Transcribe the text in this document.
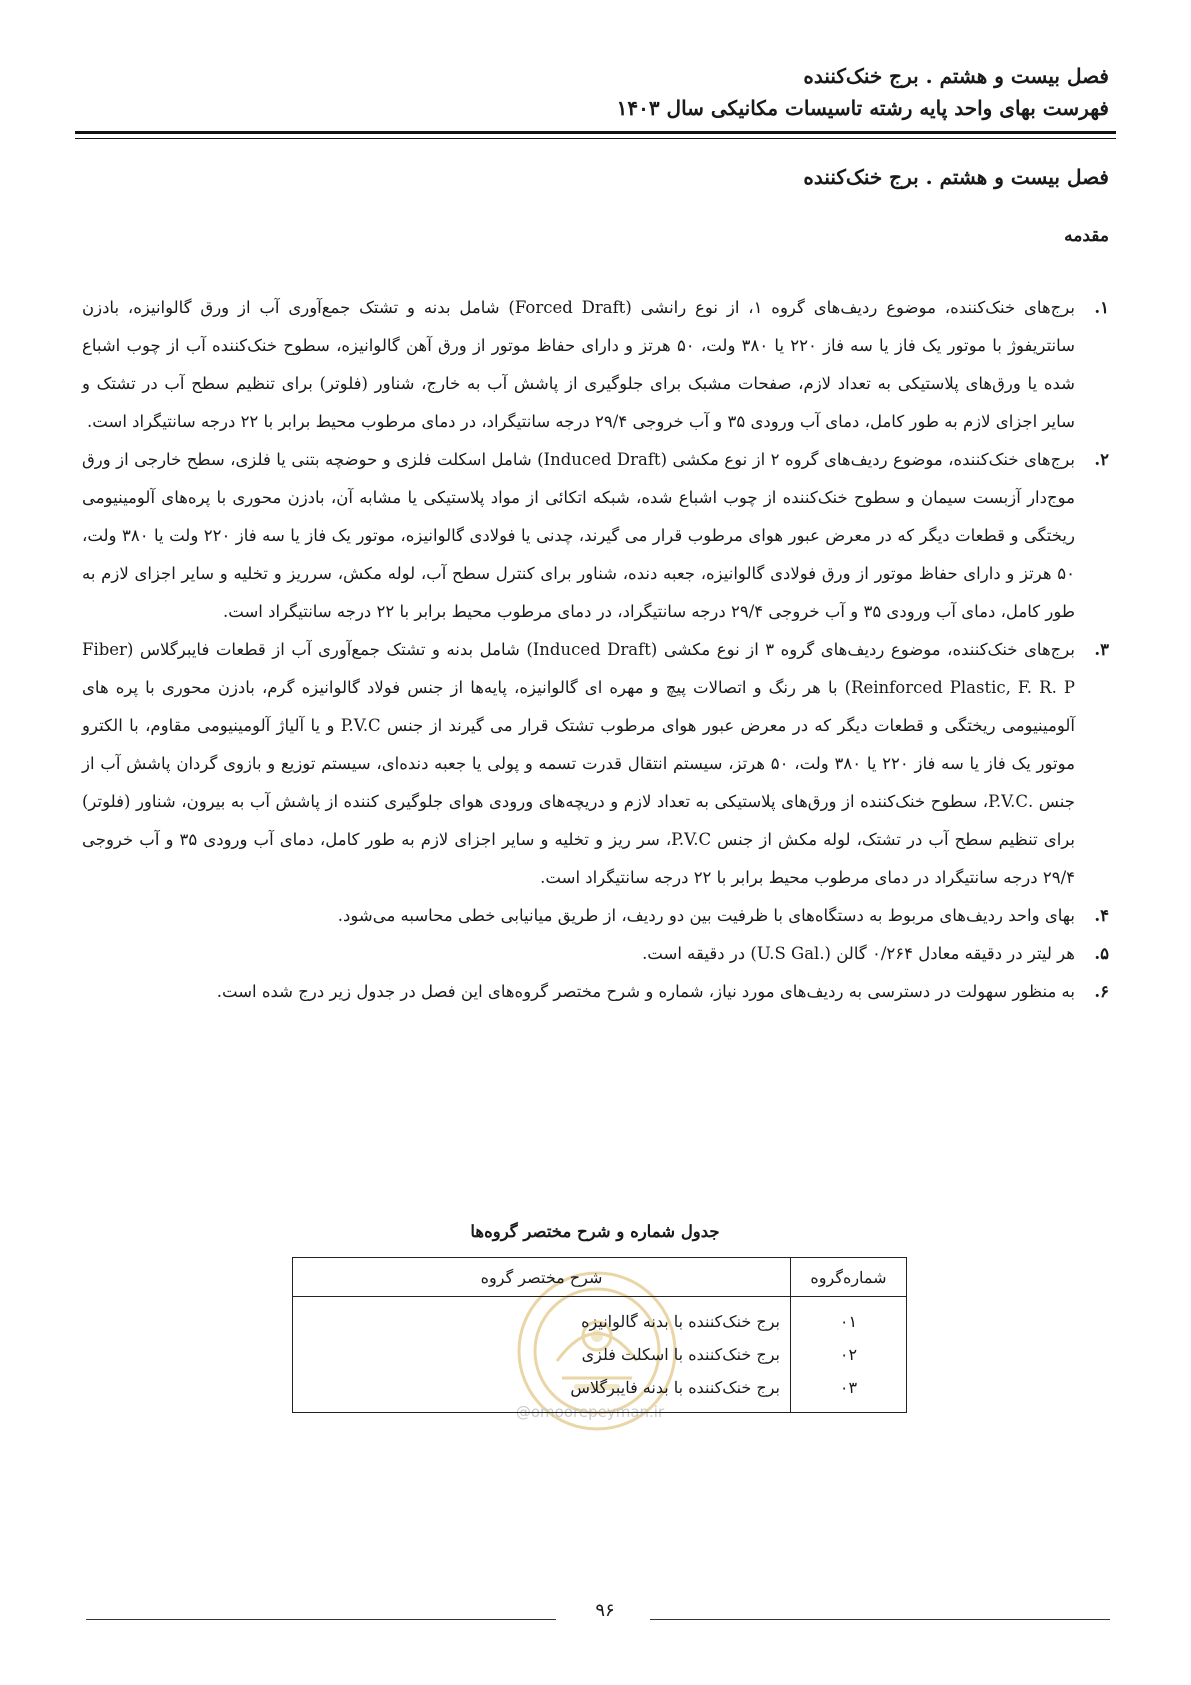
فصل بیست و هشتم . برج خنک‌کننده
فهرست بهای واحد پایه رشته تاسیسات مکانیکی سال ۱۴۰۳
فصل بیست و هشتم . برج خنک‌کننده
مقدمه
۱.
برج‌های خنک‌کننده، موضوع ردیف‌های گروه ۱، از نوع رانشی (Forced Draft) شامل بدنه و تشتک جمع‌آوری آب از ورق گالوانیزه، بادزن سانتریفوژ با موتور یک فاز یا سه فاز ۲۲۰ یا ۳۸۰ ولت، ۵۰ هرتز و دارای حفاظ موتور از ورق آهن گالوانیزه، سطوح خنک‌کننده آب از چوب اشباع شده یا ورق‌های پلاستیکی به تعداد لازم، صفحات مشبک برای جلوگیری از پاشش آب به خارج، شناور (فلوتر) برای تنظیم سطح آب در تشتک و سایر اجزای لازم به طور کامل، دمای آب ورودی ۳۵ و آب خروجی ۲۹/۴ درجه سانتیگراد، در دمای مرطوب محیط برابر با ۲۲ درجه سانتیگراد است.
۲.
برج‌های خنک‌کننده، موضوع ردیف‌های گروه ۲ از نوع مکشی (Induced Draft) شامل اسکلت فلزی و حوضچه بتنی یا فلزی، سطح خارجی از ورق موج‌دار آزبست سیمان و سطوح خنک‌کننده از چوب اشباع شده، شبکه اتکائی از مواد پلاستیکی یا مشابه آن، بادزن محوری با پره‌های آلومینیومی ریختگی و قطعات دیگر که در معرض عبور هوای مرطوب قرار می گیرند، چدنی یا فولادی گالوانیزه، موتور یک فاز یا سه فاز ۲۲۰ ولت یا ۳۸۰ ولت، ۵۰ هرتز و دارای حفاظ موتور از ورق فولادی گالوانیزه، جعبه دنده، شناور برای کنترل سطح آب، لوله مکش، سرریز و تخلیه و سایر اجزای لازم به طور کامل، دمای آب ورودی ۳۵ و آب خروجی ۲۹/۴ درجه سانتیگراد، در دمای مرطوب محیط برابر با ۲۲ درجه سانتیگراد است.
۳.
برج‌های خنک‌کننده، موضوع ردیف‌های گروه ۳ از نوع مکشی (Induced Draft) شامل بدنه و تشتک جمع‌آوری آب از قطعات فایبرگلاس (Fiber Reinforced Plastic, F. R. P) با هر رنگ و اتصالات پیچ و مهره ای گالوانیزه، پایه‌ها از جنس فولاد گالوانیزه گرم، بادزن محوری با پره های آلومینیومی ریختگی و قطعات دیگر که در معرض عبور هوای مرطوب تشتک قرار می گیرند از جنس P.V.C و یا آلیاژ آلومینیومی مقاوم، با الکترو موتور یک فاز یا سه فاز ۲۲۰ یا ۳۸۰ ولت، ۵۰ هرتز، سیستم انتقال قدرت تسمه و پولی یا جعبه دنده‌ای، سیستم توزیع و بازوی گردان پاشش آب از جنس .P.V.C، سطوح خنک‌کننده از ورق‌های پلاستیکی به تعداد لازم و دریچه‌های ورودی هوای جلوگیری کننده از پاشش آب به بیرون، شناور (فلوتر) برای تنظیم سطح آب در تشتک، لوله مکش از جنس P.V.C، سر ریز و تخلیه و سایر اجزای لازم به طور کامل، دمای آب ورودی ۳۵ و آب خروجی ۲۹/۴ درجه سانتیگراد در دمای مرطوب محیط برابر با ۲۲ درجه سانتیگراد است.
۴.
بهای واحد ردیف‌های مربوط به دستگاه‌های با ظرفیت بین دو ردیف، از طریق میانیابی خطی محاسبه می‌شود.
۵.
هر لیتر در دقیقه معادل ۰/۲۶۴ گالن (.U.S Gal) در دقیقه است.
۶.
به منظور سهولت در دسترسی به ردیف‌های مورد نیاز، شماره و شرح مختصر گروه‌های این فصل در جدول زیر درج شده است.
جدول شماره و شرح مختصر گروه‌ها
@omoorepeyman.ir
شماره‌گروه	شرح مختصر گروه
۰۱	برج خنک‌کننده با بدنه گالوانیزه
۰۲	برج خنک‌کننده با اسکلت فلزی
۰۳	برج خنک‌کننده با بدنه فایبرگلاس
۹۶
